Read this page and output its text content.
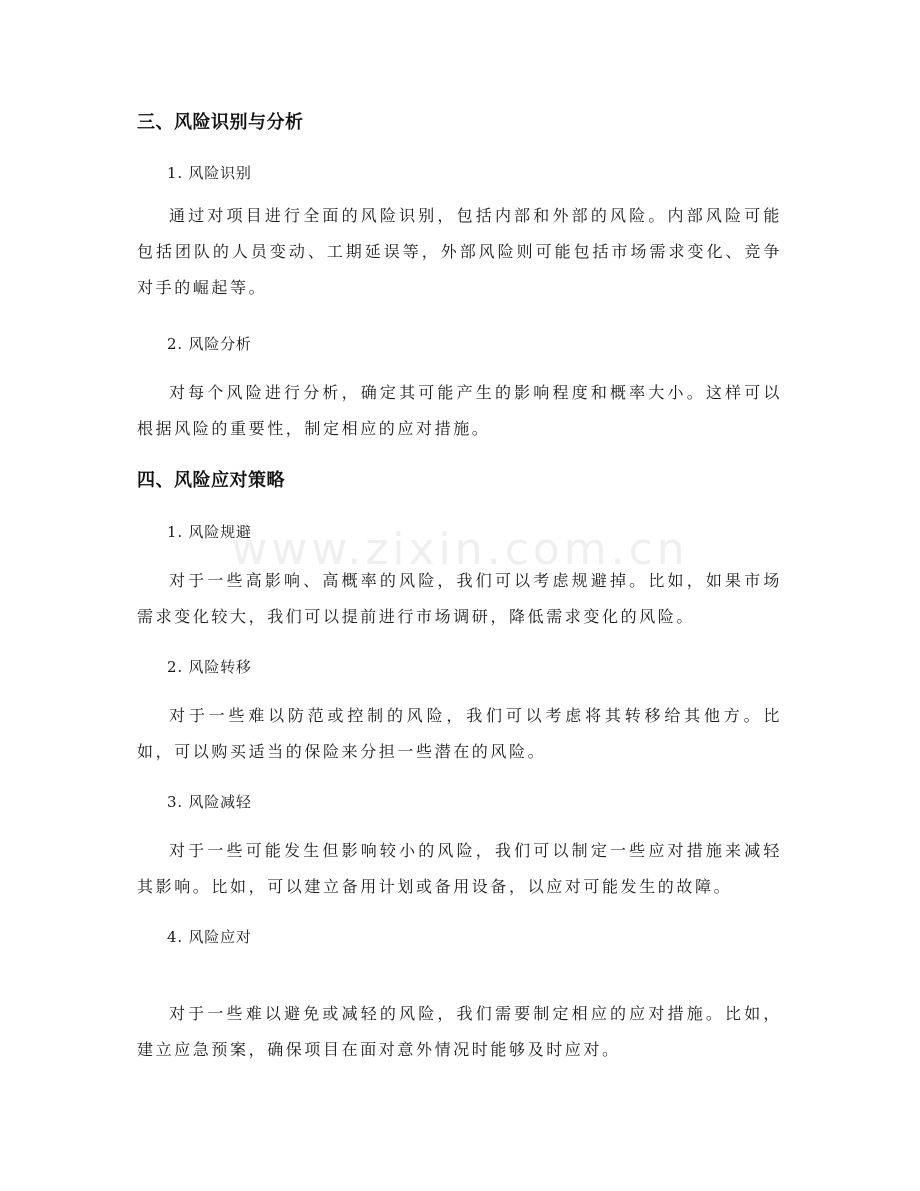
三、风险识别与分析
1. 风险识别

通过对项目进行全面的风险识别，包括内部和外部的风险。内部风险可能包括团队的人员变动、工期延误等，外部风险则可能包括市场需求变化、竞争对手的崛起等。

2. 风险分析

对每个风险进行分析，确定其可能产生的影响程度和概率大小。这样可以根据风险的重要性，制定相应的应对措施。

四、风险应对策略
1. 风险规避

对于一些高影响、高概率的风险，我们可以考虑规避掉。比如，如果市场需求变化较大，我们可以提前进行市场调研，降低需求变化的风险。

2. 风险转移

对于一些难以防范或控制的风险，我们可以考虑将其转移给其他方。比如，可以购买适当的保险来分担一些潜在的风险。

3. 风险减轻

对于一些可能发生但影响较小的风险，我们可以制定一些应对措施来减轻其影响。比如，可以建立备用计划或备用设备，以应对可能发生的故障。

4. 风险应对

对于一些难以避免或减轻的风险，我们需要制定相应的应对措施。比如，建立应急预案，确保项目在面对意外情况时能够及时应对。

www.zixin.com.cn
